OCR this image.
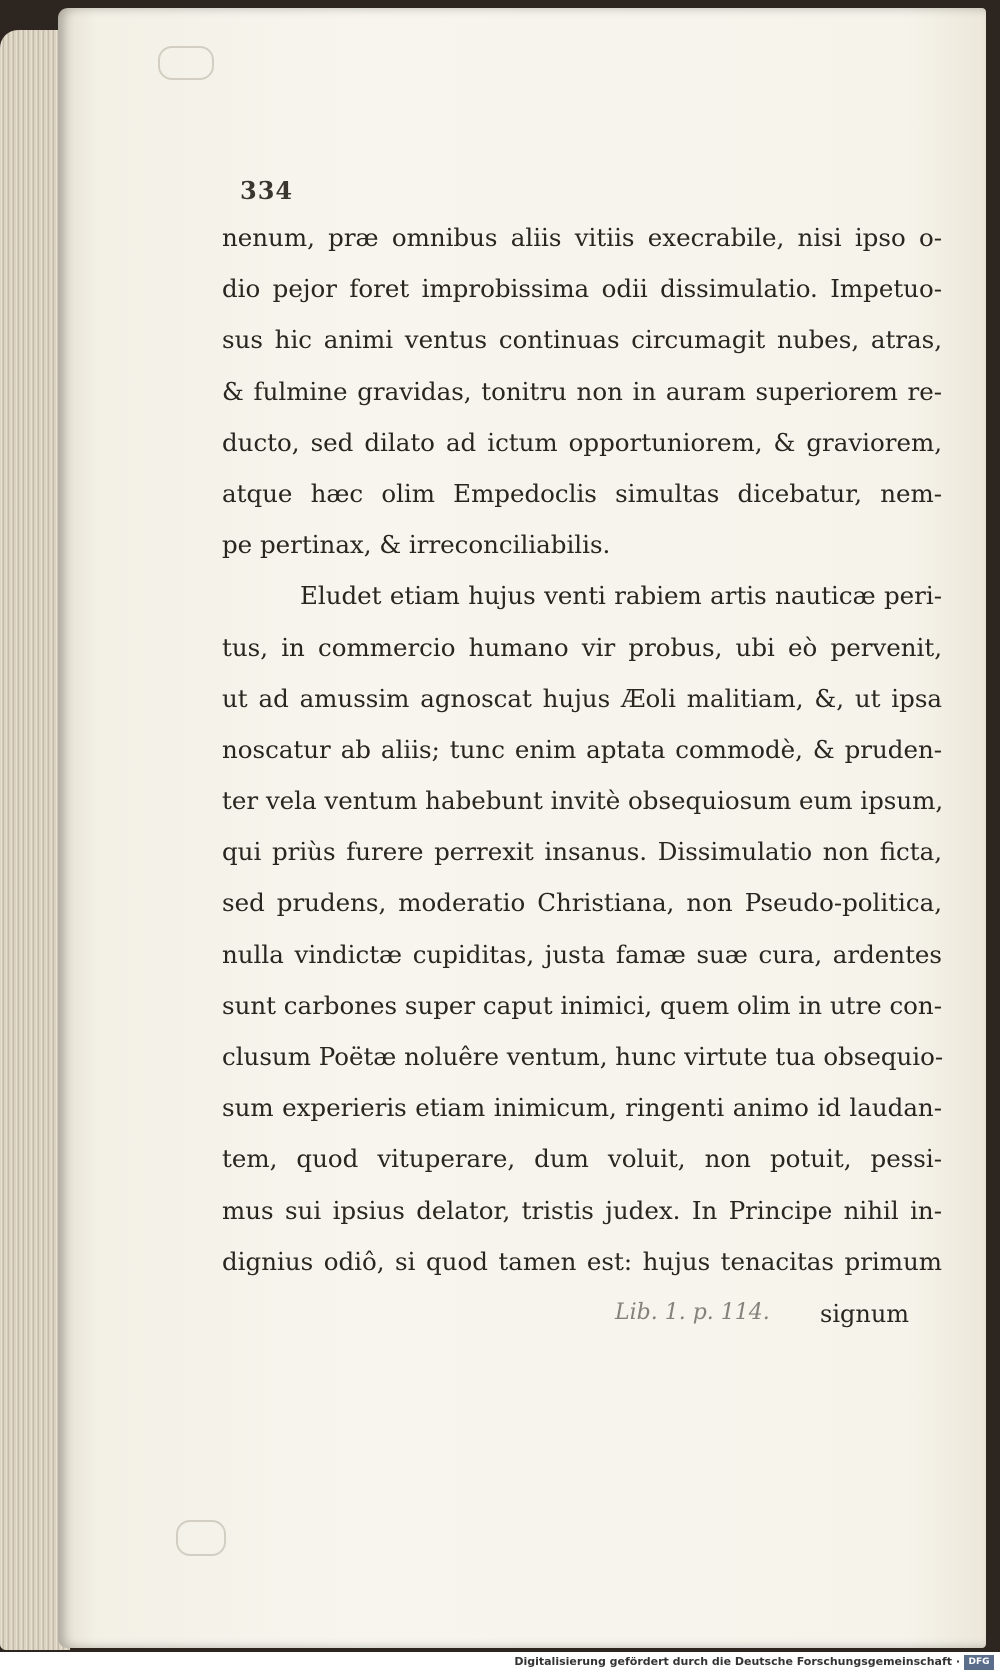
334
nenum, præ omnibus aliis vitiis execrabile, nisi ipso o-
dio pejor foret improbissima odii dissimulatio. Impetuo-
sus hic animi ventus continuas circumagit nubes, atras,
& fulmine gravidas, tonitru non in auram superiorem re-
ducto, sed dilato ad ictum opportuniorem, & graviorem,
atque hæc olim Empedoclis simultas dicebatur, nem-
pe pertinax, & irreconciliabilis.
Eludet etiam hujus venti rabiem artis nauticæ peri-
tus, in commercio humano vir probus, ubi eò pervenit,
ut ad amussim agnoscat hujus Æoli malitiam, &, ut ipsa
noscatur ab aliis; tunc enim aptata commodè, & pruden-
ter vela ventum habebunt invitè obsequiosum eum ipsum,
qui priùs furere perrexit insanus. Dissimulatio non ficta,
sed prudens, moderatio Christiana, non Pseudo-politica,
nulla vindictæ cupiditas, justa famæ suæ cura, ardentes
sunt carbones super caput inimici, quem olim in utre con-
clusum Poëtæ noluêre ventum, hunc virtute tua obsequio-
sum experieris etiam inimicum, ringenti animo id laudan-
tem, quod vituperare, dum voluit, non potuit, pessi-
mus sui ipsius delator, tristis judex. In Principe nihil in-
dignius odiô, si quod tamen est: hujus tenacitas primum
Lib. 1. p. 114. signum
Digitalisierung gefördert durch die Deutsche Forschungsgemeinschaft · DFG
